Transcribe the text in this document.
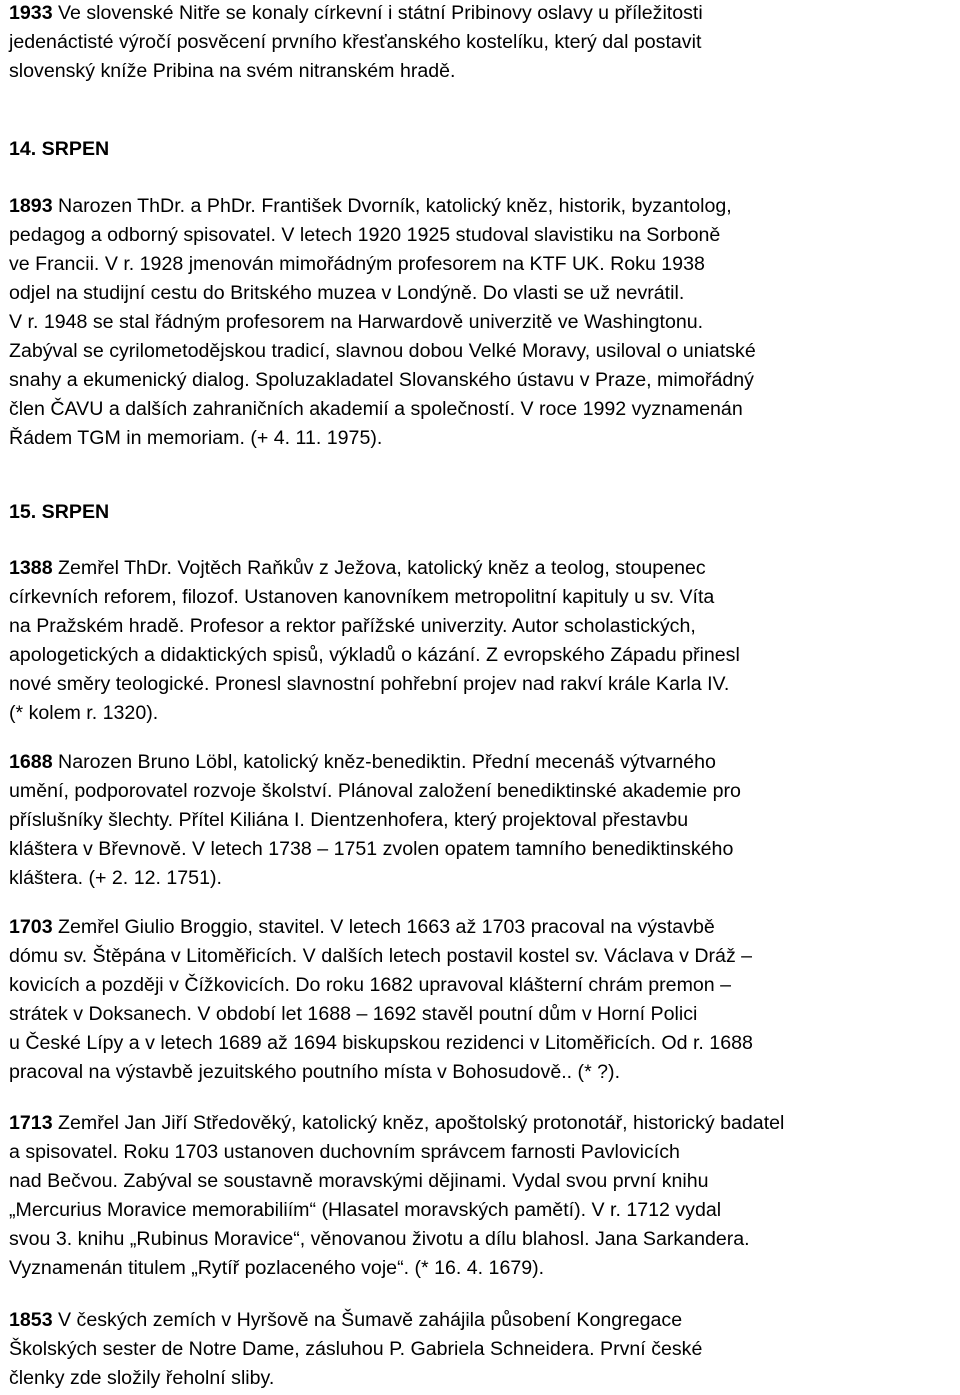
1933 Ve slovenské Nitře se konaly církevní i státní Pribinovy oslavy u příležitosti
jedenáctisté výročí posvěcení prvního křesťanského kostelíku, který dal postavit
slovenský kníže Pribina na svém nitranském hradě.
14. SRPEN
1893 Narozen ThDr. a PhDr. František Dvorník, katolický kněz, historik, byzantolog,
pedagog a odborný spisovatel. V letech 1920 1925 studoval slavistiku na Sorboně
ve Francii. V r. 1928 jmenován mimořádným profesorem na KTF UK. Roku 1938
odjel na studijní cestu do Britského muzea v Londýně. Do vlasti se už nevrátil.
V r. 1948 se stal řádným profesorem na Harwardově univerzitě ve Washingtonu.
Zabýval se cyrilometodějskou tradicí, slavnou dobou Velké Moravy, usiloval o uniatské
snahy a ekumenický dialog. Spoluzakladatel Slovanského ústavu v Praze, mimořádný
člen ČAVU a dalších zahraničních akademií a společností. V roce 1992 vyznamenán
Řádem TGM in memoriam. (+ 4. 11. 1975).
15. SRPEN
1388 Zemřel ThDr. Vojtěch Raňkův z Ježova, katolický kněz a teolog, stoupenec
církevních reforem, filozof. Ustanoven kanovníkem metropolitní kapituly u sv. Víta
na Pražském hradě. Profesor a rektor pařížské univerzity. Autor scholastických,
apologetických a didaktických spisů, výkladů o kázání. Z evropského Západu přinesl
nové směry teologické. Pronesl slavnostní pohřební projev nad rakví krále Karla IV.
(* kolem r. 1320).
1688 Narozen Bruno Löbl, katolický kněz-benediktin. Přední mecenáš výtvarného
umění, podporovatel rozvoje školství. Plánoval založení benediktinské akademie pro
příslušníky šlechty. Přítel Kiliána I. Dientzenhofera, který projektoval přestavbu
kláštera v Břevnově. V letech 1738 – 1751 zvolen opatem tamního benediktinského
kláštera. (+ 2. 12. 1751).
1703 Zemřel Giulio Broggio, stavitel. V letech 1663 až 1703 pracoval na výstavbě
dómu sv. Štěpána v Litoměřicích. V dalších letech postavil kostel sv. Václava v Dráž –
kovicích a později v Čížkovicích. Do roku 1682 upravoval klášterní chrám premon –
strátek v Doksanech. V období let 1688 – 1692 stavěl poutní dům v Horní Polici
u České Lípy a v letech 1689 až 1694 biskupskou rezidenci v Litoměřicích. Od r. 1688
pracoval na výstavbě jezuitského poutního místa v Bohosudově.. (* ?).
1713 Zemřel Jan Jiří Středověký, katolický kněz, apoštolský protonotář, historický badatel
a spisovatel. Roku 1703 ustanoven duchovním správcem farnosti Pavlovicích
nad Bečvou. Zabýval se soustavně moravskými dějinami. Vydal svou první knihu
„Mercurius Moravice memorabiliím“ (Hlasatel moravských pamětí). V r. 1712 vydal
svou 3. knihu „Rubinus Moravice“, věnovanou životu a dílu blahosl. Jana Sarkandera.
Vyznamenán titulem „Rytíř pozlaceného voje“. (* 16. 4. 1679).
1853 V českých zemích v Hyršově na Šumavě zahájila působení Kongregace
Školských sester de Notre Dame, zásluhou P. Gabriela Schneidera. První české
členky zde složily řeholní sliby.
